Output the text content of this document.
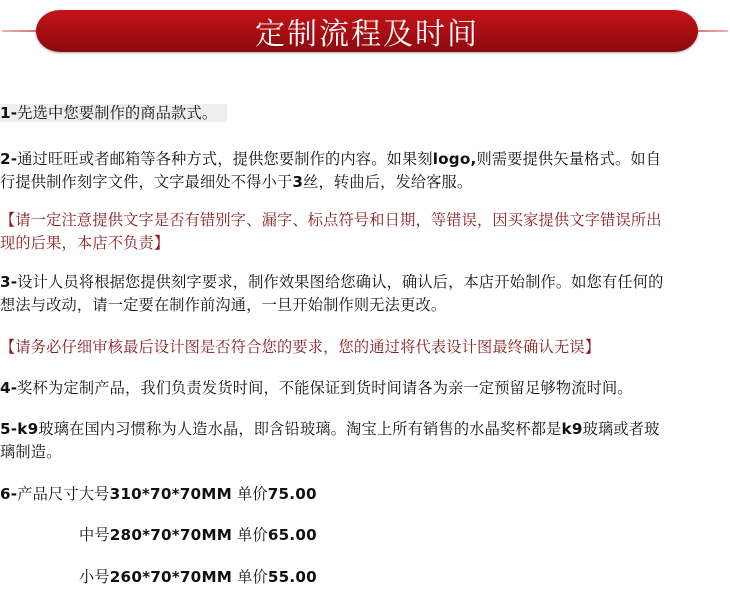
定制流程及时间

1-先选中您要制作的商品款式。

2-通过旺旺或者邮箱等各种方式，提供您要制作的内容。如果刻logo,则需要提供矢量格式。如自

行提供制作刻字文件，文字最细处不得小于3丝，转曲后，发给客服。

【请一定注意提供文字是否有错别字、漏字、标点符号和日期，等错误，因买家提供文字错误所出

现的后果，本店不负责】

3-设计人员将根据您提供刻字要求，制作效果图给您确认，确认后，本店开始制作。如您有任何的

想法与改动，请一定要在制作前沟通，一旦开始制作则无法更改。

【请务必仔细审核最后设计图是否符合您的要求，您的通过将代表设计图最终确认无误】

4-奖杯为定制产品，我们负责发货时间，不能保证到货时间请各为亲一定预留足够物流时间。

5-k9玻璃在国内习惯称为人造水晶，即含铅玻璃。淘宝上所有销售的水晶奖杯都是k9玻璃或者玻

璃制造。

6-产品尺寸大号310*70*70MM 单价75.00

中号280*70*70MM 单价65.00

小号260*70*70MM 单价55.00
